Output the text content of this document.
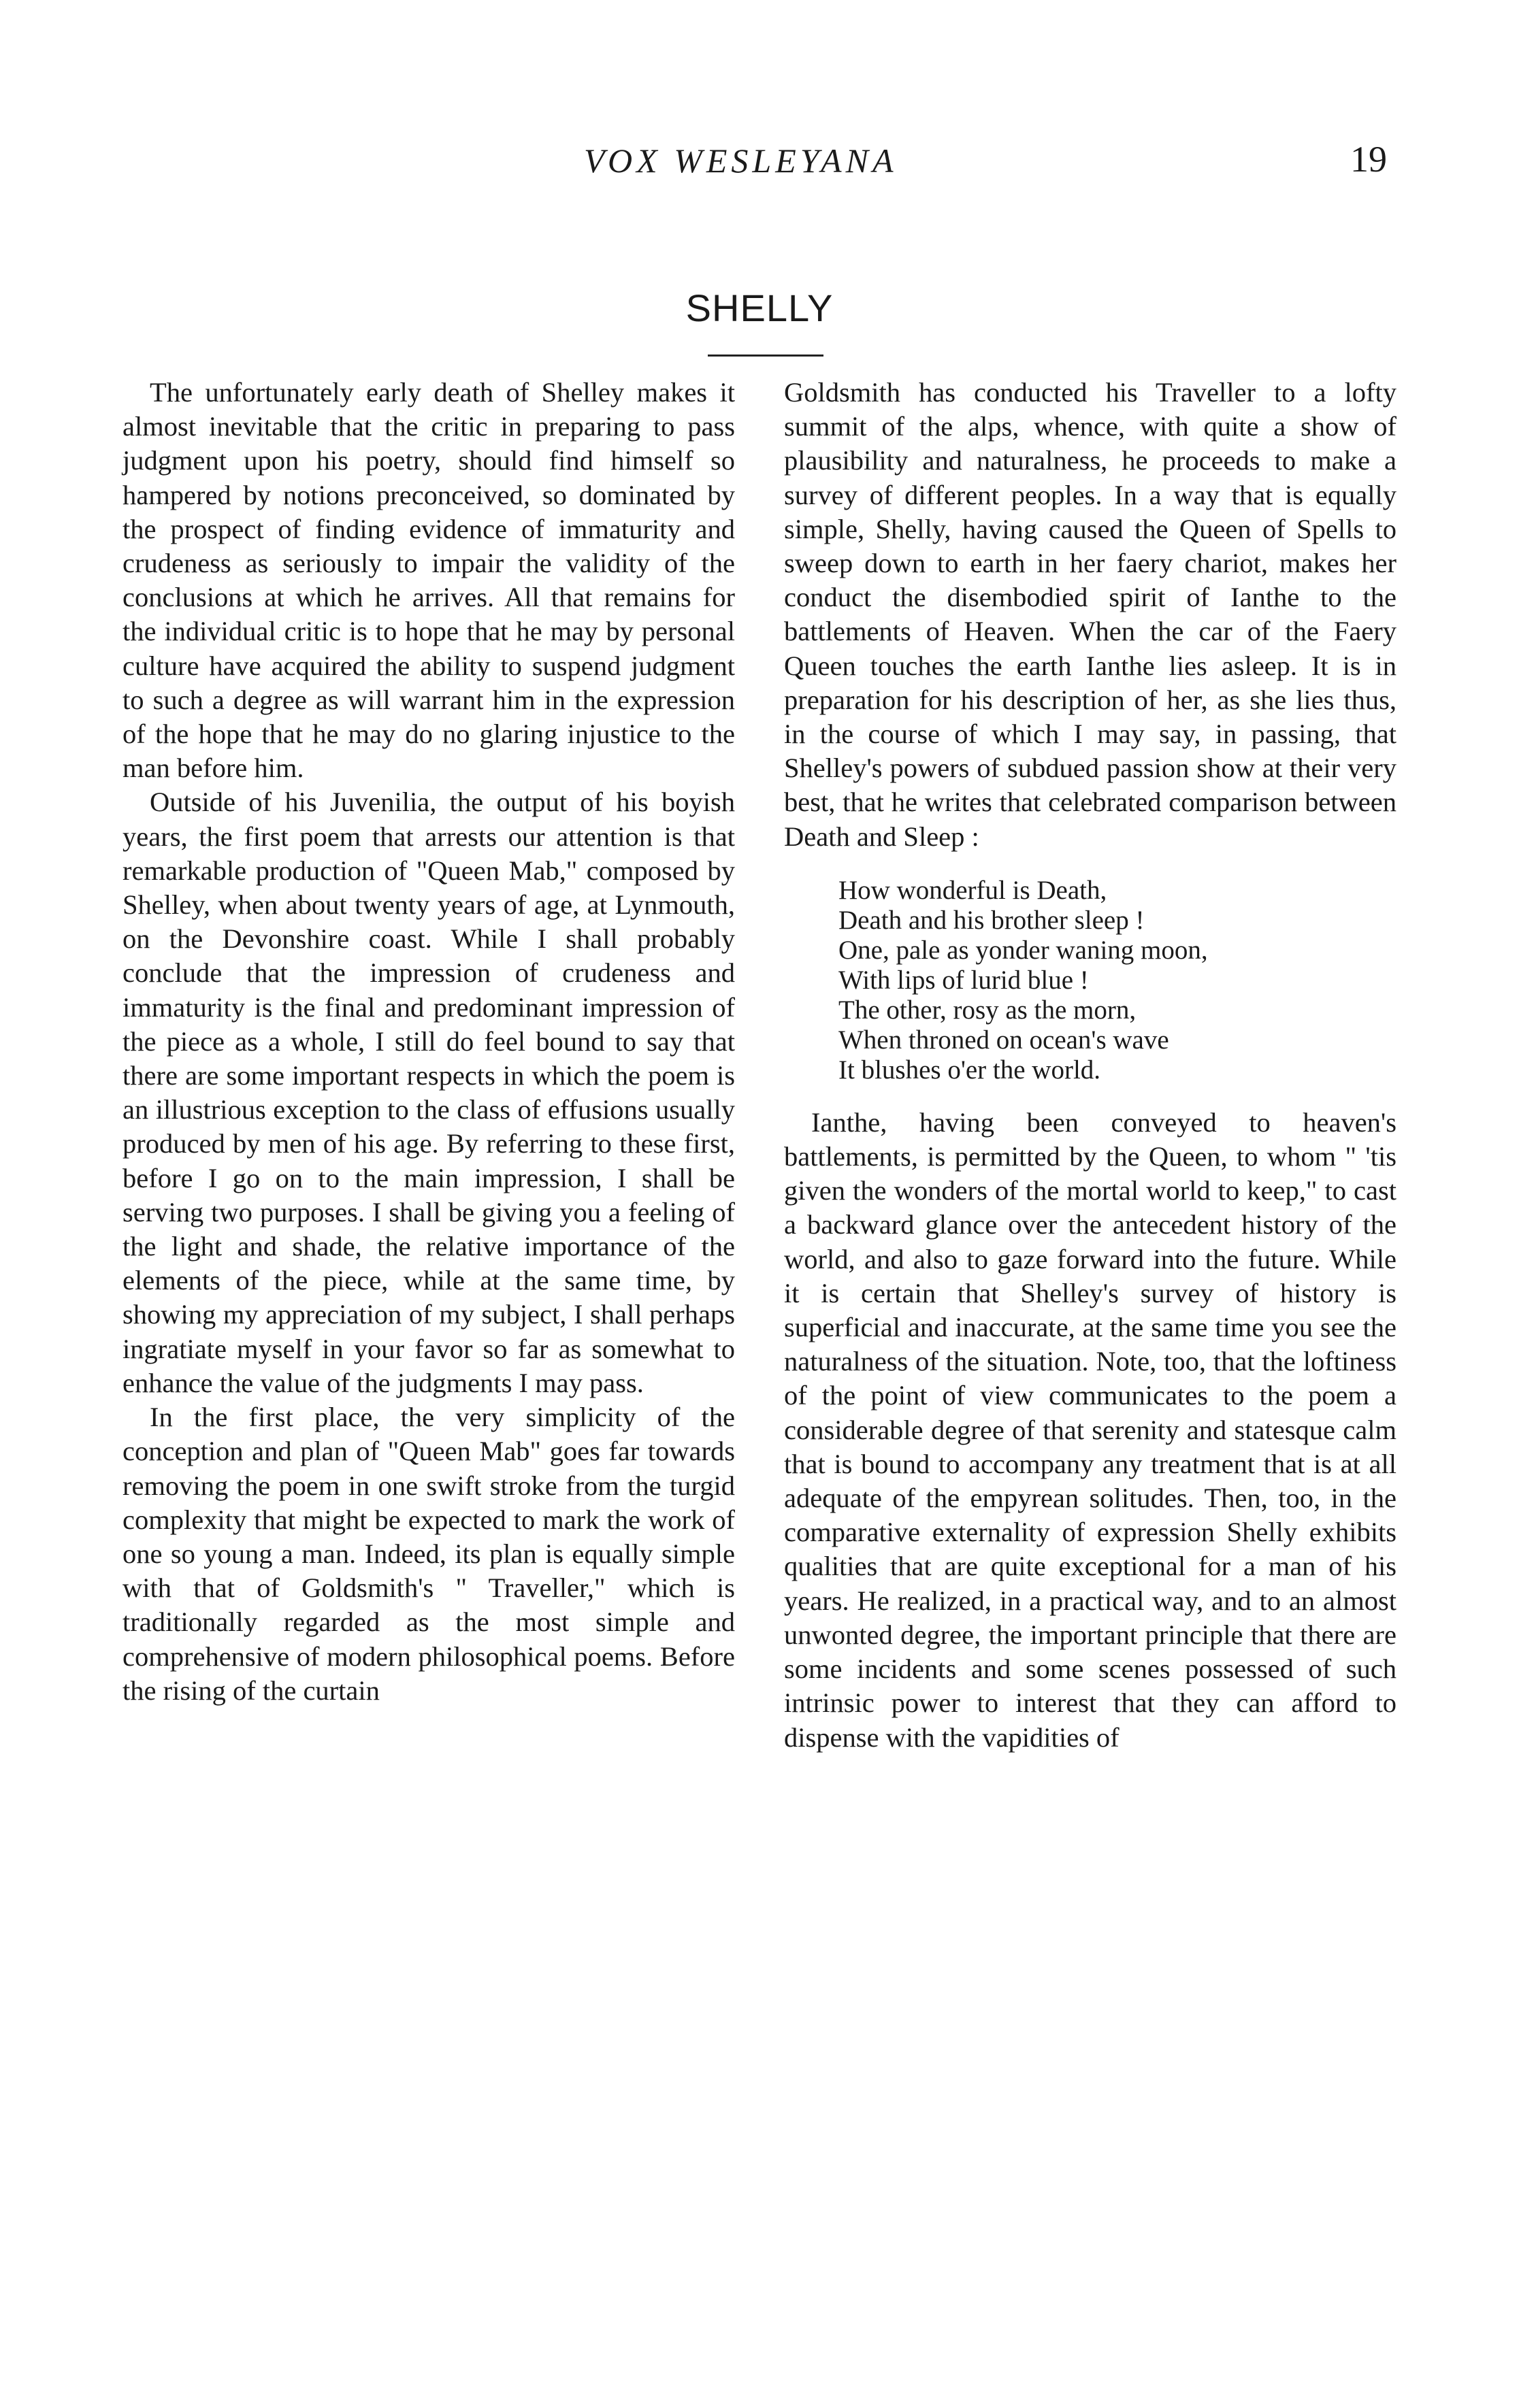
VOX WESLEYANA	19
SHELLY

The unfortunately early death of Shelley makes it almost inevitable that the critic in preparing to pass judgment upon his poetry, should find himself so hampered by notions preconceived, so dominated by the prospect of finding evidence of immaturity and crudeness as seriously to impair the validity of the conclusions at which he arrives. All that remains for the individual critic is to hope that he may by personal culture have acquired the ability to suspend judgment to such a degree as will warrant him in the expression of the hope that he may do no glaring injustice to the man before him.

Outside of his Juvenilia, the output of his boyish years, the first poem that arrests our attention is that remarkable production of "Queen Mab," composed by Shelley, when about twenty years of age, at Lynmouth, on the Devonshire coast. While I shall probably conclude that the impression of crudeness and immaturity is the final and predominant impression of the piece as a whole, I still do feel bound to say that there are some important respects in which the poem is an illustrious exception to the class of effusions usually produced by men of his age. By referring to these first, before I go on to the main impression, I shall be serving two purposes. I shall be giving you a feeling of the light and shade, the relative importance of the elements of the piece, while at the same time, by showing my appreciation of my subject, I shall perhaps ingratiate myself in your favor so far as somewhat to enhance the value of the judgments I may pass.

In the first place, the very simplicity of the conception and plan of "Queen Mab" goes far towards removing the poem in one swift stroke from the turgid complexity that might be expected to mark the work of one so young a man. Indeed, its plan is equally simple with that of Goldsmith's " Traveller," which is traditionally regarded as the most simple and comprehensive of modern philosophical poems. Before the rising of the curtain

Goldsmith has conducted his Traveller to a lofty summit of the alps, whence, with quite a show of plausibility and naturalness, he proceeds to make a survey of different peoples. In a way that is equally simple, Shelly, having caused the Queen of Spells to sweep down to earth in her faery chariot, makes her conduct the disembodied spirit of Ianthe to the battlements of Heaven. When the car of the Faery Queen touches the earth Ianthe lies asleep. It is in preparation for his description of her, as she lies thus, in the course of which I may say, in passing, that Shelley's powers of subdued passion show at their very best, that he writes that celebrated comparison between Death and Sleep :

How wonderful is Death,
Death and his brother sleep !
One, pale as yonder waning moon,
With lips of lurid blue !
The other, rosy as the morn,
When throned on ocean's wave
It blushes o'er the world.

Ianthe, having been conveyed to heaven's battlements, is permitted by the Queen, to whom " 'tis given the wonders of the mortal world to keep," to cast a backward glance over the antecedent history of the world, and also to gaze forward into the future. While it is certain that Shelley's survey of history is superficial and inaccurate, at the same time you see the naturalness of the situation. Note, too, that the loftiness of the point of view communicates to the poem a considerable degree of that serenity and statesque calm that is bound to accompany any treatment that is at all adequate of the empyrean solitudes. Then, too, in the comparative externality of expression Shelly exhibits qualities that are quite exceptional for a man of his years. He realized, in a practical way, and to an almost unwonted degree, the important principle that there are some incidents and some scenes possessed of such intrinsic power to interest that they can afford to dispense with the vapidities of
